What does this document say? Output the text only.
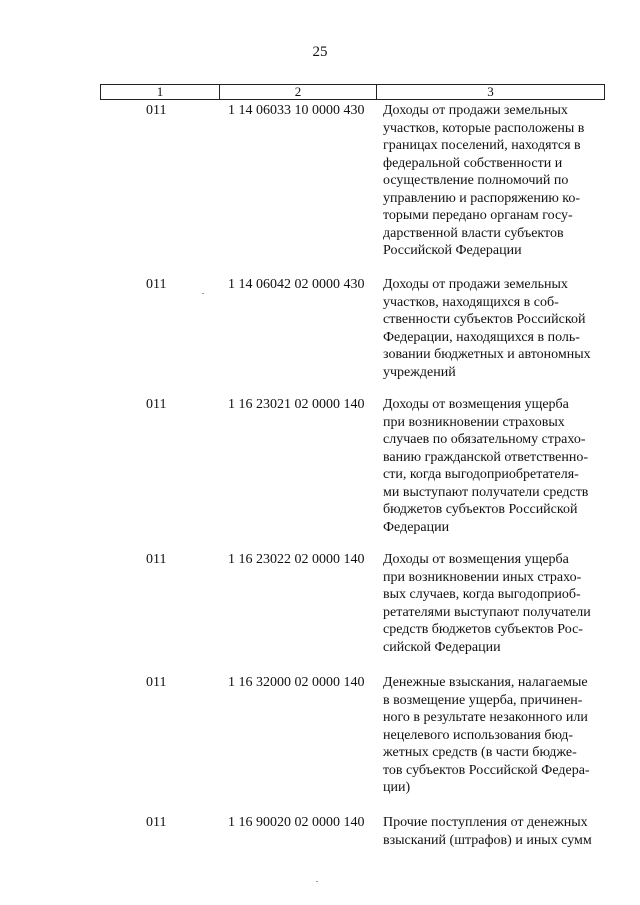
25
1	2	3
011	1 14 06033 10 0000 430 Доходы от продажи земельных
участков, которые расположены в
границах поселений, находятся в
федеральной собственности и
осуществление полномочий по
управлению и распоряжению ко-
торыми передано органам госу-
дарственной власти субъектов
Российской Федерации
011	1 14 06042 02 0000 430 Доходы от продажи земельных
участков, находящихся в соб-
ственности субъектов Российской
Федерации, находящихся в поль-
зовании бюджетных и автономных
учреждений
011	1 16 23021 02 0000 140 Доходы от возмещения ущерба
при возникновении страховых
случаев по обязательному страхо-
ванию гражданской ответственно-
сти, когда выгодоприобретателя-
ми выступают получатели средств
бюджетов субъектов Российской
Федерации
011	1 16 23022 02 0000 140 Доходы от возмещения ущерба
при возникновении иных страхо-
вых случаев, когда выгодоприоб-
ретателями выступают получатели
средств бюджетов субъектов Рос-
сийской Федерации
011	1 16 32000 02 0000 140 Денежные взыскания, налагаемые
в возмещение ущерба, причинен-
ного в результате незаконного или
нецелевого использования бюд-
жетных средств (в части бюдже-
тов субъектов Российской Федера-
ции)
011	1 16 90020 02 0000 140 Прочие поступления от денежных
взысканий (штрафов) и иных сумм
